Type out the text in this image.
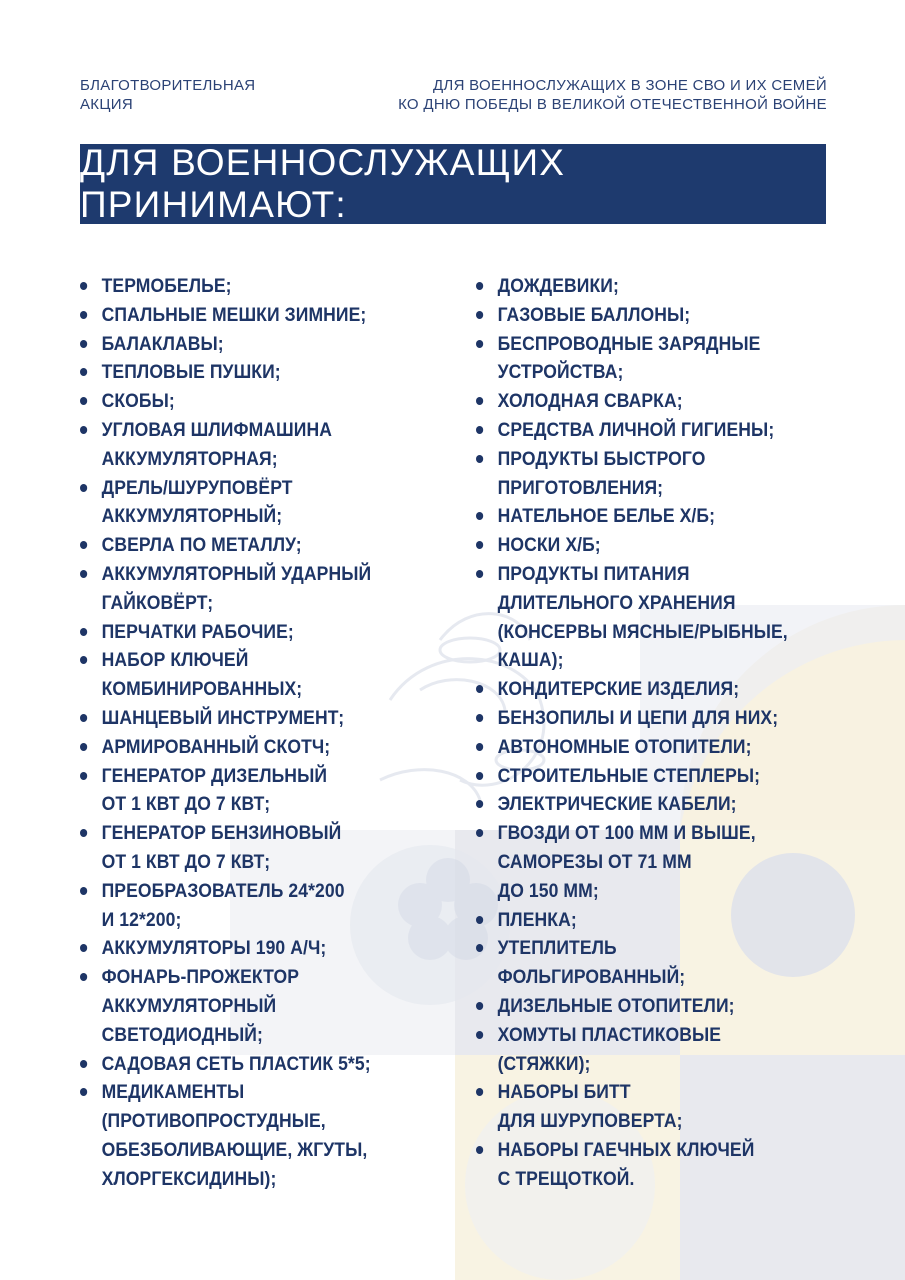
БЛАГОТВОРИТЕЛЬНАЯ
АКЦИЯ
ДЛЯ ВОЕННОСЛУЖАЩИХ В ЗОНЕ СВО И ИХ СЕМЕЙ
КО ДНЮ ПОБЕДЫ В ВЕЛИКОЙ ОТЕЧЕСТВЕННОЙ ВОЙНЕ
ДЛЯ ВОЕННОСЛУЖАЩИХ ПРИНИМАЮТ:
ТЕРМОБЕЛЬЕ;
СПАЛЬНЫЕ МЕШКИ ЗИМНИЕ;
БАЛАКЛАВЫ;
ТЕПЛОВЫЕ ПУШКИ;
СКОБЫ;
УГЛОВАЯ ШЛИФМАШИНА
АККУМУЛЯТОРНАЯ;
ДРЕЛЬ/ШУРУПОВЁРТ
АККУМУЛЯТОРНЫЙ;
СВЕРЛА ПО МЕТАЛЛУ;
АККУМУЛЯТОРНЫЙ УДАРНЫЙ
ГАЙКОВЁРТ;
ПЕРЧАТКИ РАБОЧИЕ;
НАБОР КЛЮЧЕЙ
КОМБИНИРОВАННЫХ;
ШАНЦЕВЫЙ ИНСТРУМЕНТ;
АРМИРОВАННЫЙ СКОТЧ;
ГЕНЕРАТОР ДИЗЕЛЬНЫЙ
ОТ 1 КВТ ДО 7 КВТ;
ГЕНЕРАТОР БЕНЗИНОВЫЙ
ОТ 1 КВТ ДО 7 КВТ;
ПРЕОБРАЗОВАТЕЛЬ 24*200
И 12*200;
АККУМУЛЯТОРЫ 190 А/Ч;
ФОНАРЬ-ПРОЖЕКТОР
АККУМУЛЯТОРНЫЙ
СВЕТОДИОДНЫЙ;
САДОВАЯ СЕТЬ ПЛАСТИК 5*5;
МЕДИКАМЕНТЫ
(ПРОТИВОПРОСТУДНЫЕ,
ОБЕЗБОЛИВАЮЩИЕ, ЖГУТЫ,
ХЛОРГЕКСИДИНЫ);
ДОЖДЕВИКИ;
ГАЗОВЫЕ БАЛЛОНЫ;
БЕСПРОВОДНЫЕ ЗАРЯДНЫЕ
УСТРОЙСТВА;
ХОЛОДНАЯ СВАРКА;
СРЕДСТВА ЛИЧНОЙ ГИГИЕНЫ;
ПРОДУКТЫ БЫСТРОГО
ПРИГОТОВЛЕНИЯ;
НАТЕЛЬНОЕ БЕЛЬЕ Х/Б;
НОСКИ Х/Б;
ПРОДУКТЫ ПИТАНИЯ
ДЛИТЕЛЬНОГО ХРАНЕНИЯ
(КОНСЕРВЫ МЯСНЫЕ/РЫБНЫЕ,
КАША);
КОНДИТЕРСКИЕ ИЗДЕЛИЯ;
БЕНЗОПИЛЫ И ЦЕПИ ДЛЯ НИХ;
АВТОНОМНЫЕ ОТОПИТЕЛИ;
СТРОИТЕЛЬНЫЕ СТЕПЛЕРЫ;
ЭЛЕКТРИЧЕСКИЕ КАБЕЛИ;
ГВОЗДИ ОТ 100 ММ И ВЫШЕ,
САМОРЕЗЫ ОТ 71 ММ
ДО 150 ММ;
ПЛЕНКА;
УТЕПЛИТЕЛЬ
ФОЛЬГИРОВАННЫЙ;
ДИЗЕЛЬНЫЕ ОТОПИТЕЛИ;
ХОМУТЫ ПЛАСТИКОВЫЕ
(СТЯЖКИ);
НАБОРЫ БИТТ
ДЛЯ ШУРУПОВЕРТА;
НАБОРЫ ГАЕЧНЫХ КЛЮЧЕЙ
С ТРЕЩОТКОЙ.
